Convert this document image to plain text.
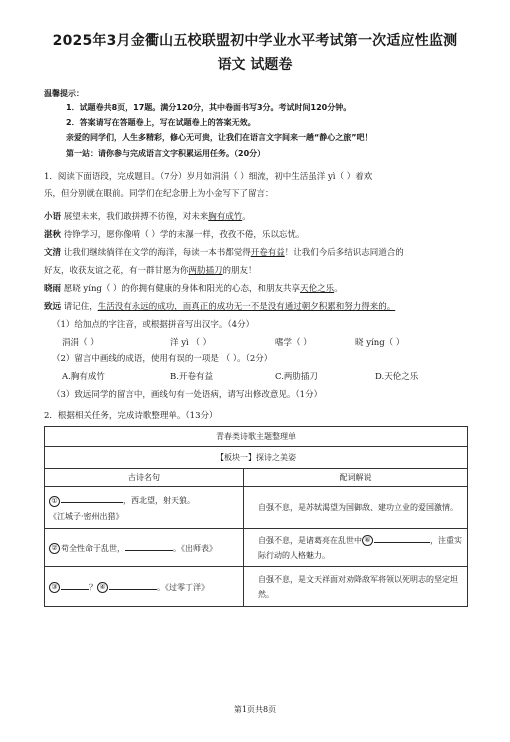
2025年3月金衢山五校联盟初中学业水平考试第一次适应性监测
语文 试题卷
温馨提示：
1．试题卷共8页，17题。满分120分，其中卷面书写3分。考试时间120分钟。
2．答案请写在答题卷上，写在试题卷上的答案无效。
亲爱的同学们，人生多精彩，修心无可贵，让我们在语言文字间来一趟“静心之旅”吧！
第一站：请你参与完成语言文字积累运用任务。（20分）
1．阅读下面语段，完成题目。（7分）岁月如涓涓（ ）细流，初中生活虽洋 yì（ ）着欢
乐，但分别就在眼前。同学们在纪念册上为小金写下了留言：
小语 展望未来，我们敢拼搏不彷徨，对未来胸有成竹。
湛秋 待铮学习，愿你像啃（ ）学的末瀑一样，孜孜不倦，乐以忘忧。
文清 让我们继续徜徉在文学的海洋，每读一本书都觉得开卷有益！让我们今后多结识志同道合的
好友，收获友谊之花，有一群甘愿为你两肋插刀的朋友！
晓雨 愿晓 yíng（ ）的你拥有健康的身体和阳光的心态，和朋友共享天伦之乐。
致远 请记住，生活没有永远的成功，而真正的成功无一不是没有通过朝夕积累和努力得来的。
（1）给加点的字注音，或根据拼音写出汉字。（4分）
涓涓（ ）	洋 yì （ ）	嗜学（ ）	晓 yíng（ ）
（2）留言中画线的成语，使用有误的一项是 （ ）。（2分）
A.胸有成竹	B.开卷有益	C.两肋插刀	D.天伦之乐
（3）致远同学的留言中，画线句有一处语病，请写出修改意见。（1分）
2．根据相关任务，完成诗歌整理单。（13分）
青春类诗歌主题整理单	
【板块一】探诗之美姿	
古诗名句	配词解说

① ，西北望，射天狼。
《江城子·密州出猎》	自强不息，是苏轼渴望为国御敌、建功立业的爱国激情。
② 苟全性命于乱世， 。《出师表》	自强不息，是诸葛亮在乱世中 ⑥ ，注重实际行动的人格魅力。
③ ？ ④ 。《过零丁洋》	自强不息，是文天祥面对劝降敌军将领以死明志的坚定坦然。
第1页共8页
